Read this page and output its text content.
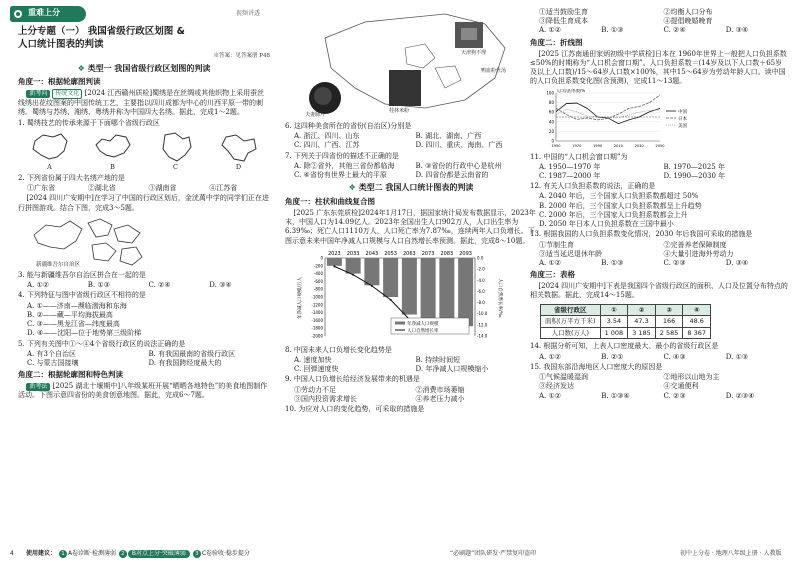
重难上分	视频讲透
上分专题（一） 我国省级行政区划图 &
人口统计图表的判读
※答案：见答案册 P48
❖ 类型一 我国省级行政区划图的判读
角度一：根据轮廓图判读
新考向 传统文化 [2024 江西赣州质检]蜀绣是在丝绸或其他织物上采用蚕丝线绣出花纹图案的中国传统工艺，主要指以四川成都为中心的川西平原一带的刺绣。蜀绣与苏绣、湘绣、粤绣并称为中国四大名绣。据此，完成1～2题。
1. 蜀绣技艺的传承来源于下面哪个省级行政区
A	B	C	D
2. 下列省份属于四大名绣产地的是
①广东省	②湖北省	③湖南省	④江苏省
[2024 四川广安期中]在学习了中国的行政区划后，金洸萬中学的同学们正在进行拼图游戏。结合下图，完成3～5题。
新疆维吾尔自治区
3. 能与新疆维吾尔自治区拼合在一起的是
A. ①②	B. ①③	C. ②④	D. ③④
4. 下列特征与图中省级行政区不相符的是
A. ①——济南—濒临渤海和东海
B. ②——藏—平均海拔最高
C. ③——黑龙江省—纬度最高
D. ④——沈阳—位于地势第三级阶梯
5. 下列有关图中①～④4个省级行政区的说法正确的是
A. 有3个自治区	B. 有我国最南的省级行政区
C. 与蒙古国接壤	D. 有我国跨经度最大的
角度二：根据轮廓图和特色判读
新考法 [2025 湖北十堰期中]八年级某班开展“晒晒各地特色”的美食地图制作活动。下图示意四省份的美食创意地图。据此，完成6～7题。
天津狗不理
夫妻肺片
桂林米粉
鸭血粉丝汤
6. 这四种美食所在的省份(自治区)分别是
A. 浙江、四川、山东	B. 湖北、湖南、广西
C. 四川、广西、江苏	D. 四川、重庆、海南、广西
7. 下列关于四省份的描述不正确的是
A. 除②省外，其他三省份都临海	B. ③省份的行政中心是杭州
C. ④省份有世界上最大的平原	D. 四省份都是云南省的
❖ 类型二 我国人口统计图表的判读
角度一：柱状和曲线复合图
[2025 广东东莞质检]2024年1月17日，据国家统计局发布数据显示，2023年末，中国人口为14.09亿人。2023年全国出生人口902万人，人口出生率为6.39‰；死亡人口1110万人，人口死亡率为7.87‰，连续两年人口负增长。下图示意未来中国年净减人口规模与人口自然增长率预测。据此，完成8～10题。
2023 2033 2043 2053 2063 2073 2083 2093
0
-200
-400
-600
-800
-1000
-1200
-1400
-1600
-1800
-2000
0.0
-2.0
-4.0
-6.0
-8.0
-10.0
-12.0
-14.0
年净减人口规模/万人	人口自然增长率/‰
年净减人口规模
人口自然增长率
8. 中国未来人口负增长变化趋势是
A. 速度加快	B. 持续时间短
C. 回弹速度快	D. 年净减人口规模缩小
9. 中国人口负增长给经济发展带来的机遇是
①劳动力不足	②消费市场萎缩
③国内投资需求增长	④养老压力减小
10. 为应对人口的变化趋势，可采取的措施是
①适当鼓励生育	②均衡人口分布
③降低生育成本	④提倡晚婚晚育
A. ①②	B. ①③	C. ②④	D. ③④
角度二：折线图
[2025 江苏南通田家炳初级中学质检]日本在 1960年世界上一般把人口负担系数≤50%的时期称为“人口机会窗口期”。人口负担系数＝(14岁及以下人口数＋65岁及以上人口数)/15～64岁人口数×100%，其中15～64岁为劳动年龄人口。读中国的人口负担系数变化图(含预测)，完成11～13题。
0
20
40
60
80
100
1950	1970	1990	2010	2030	2050
中国
日本
美国
人口负担系数/%
11. 中国的“人口机会窗口期”为
A. 1950—1970 年	B. 1970—2025 年
C. 1987—2000 年	D. 1990—2030 年
12. 有关人口负担系数的说法，正确的是
A. 2040 年后，三个国家人口负担系数都超过 50%
B. 2000 年后，三个国家人口负担系数都呈上升趋势
C. 2000 年后，三个国家人口负担系数都会上升
D. 2050 年日本人口负担系数在三国中最小
13. 根据我国的人口负担系数变化情况，2030 年后我国可采取的措施是
①节制生育	②完善养老保障制度
③适当延迟退休年龄	④大量引进海外劳动力
A. ①②	B. ①③	C. ②③	D. ③④
角度三：表格
[2024 四川广安期中]下表是我国四个省级行政区的面积、人口及位置分布特点的相关数据。据此，完成14～15题。
省级行政区	①	②	③	④
面积(万平方千米)	3.54	47.3	166	48.6
人口数(万人)	1 008	3 185	2 585	8 367
14. 根据分析可知，上表人口密度最大、最小的省级行政区是
A. ①②	B. ②①	C. ④③	D. ①③
15. 我国东部沿海地区人口密度大的原因是
①气候温暖湿润	②地形以山地为主
③经济发达	④交通便利
A. ①②	B. ①③④	C. ②③	D. ②③④
4 使用建议： 1 A卷诊断·检测薄弱 2 B对点上分·突破薄弱 3 C卷验收·稳步提分	“必刷题”团队研发·严禁复印盗印	初中上分卷 · 地理八年级上册 · 人教版
